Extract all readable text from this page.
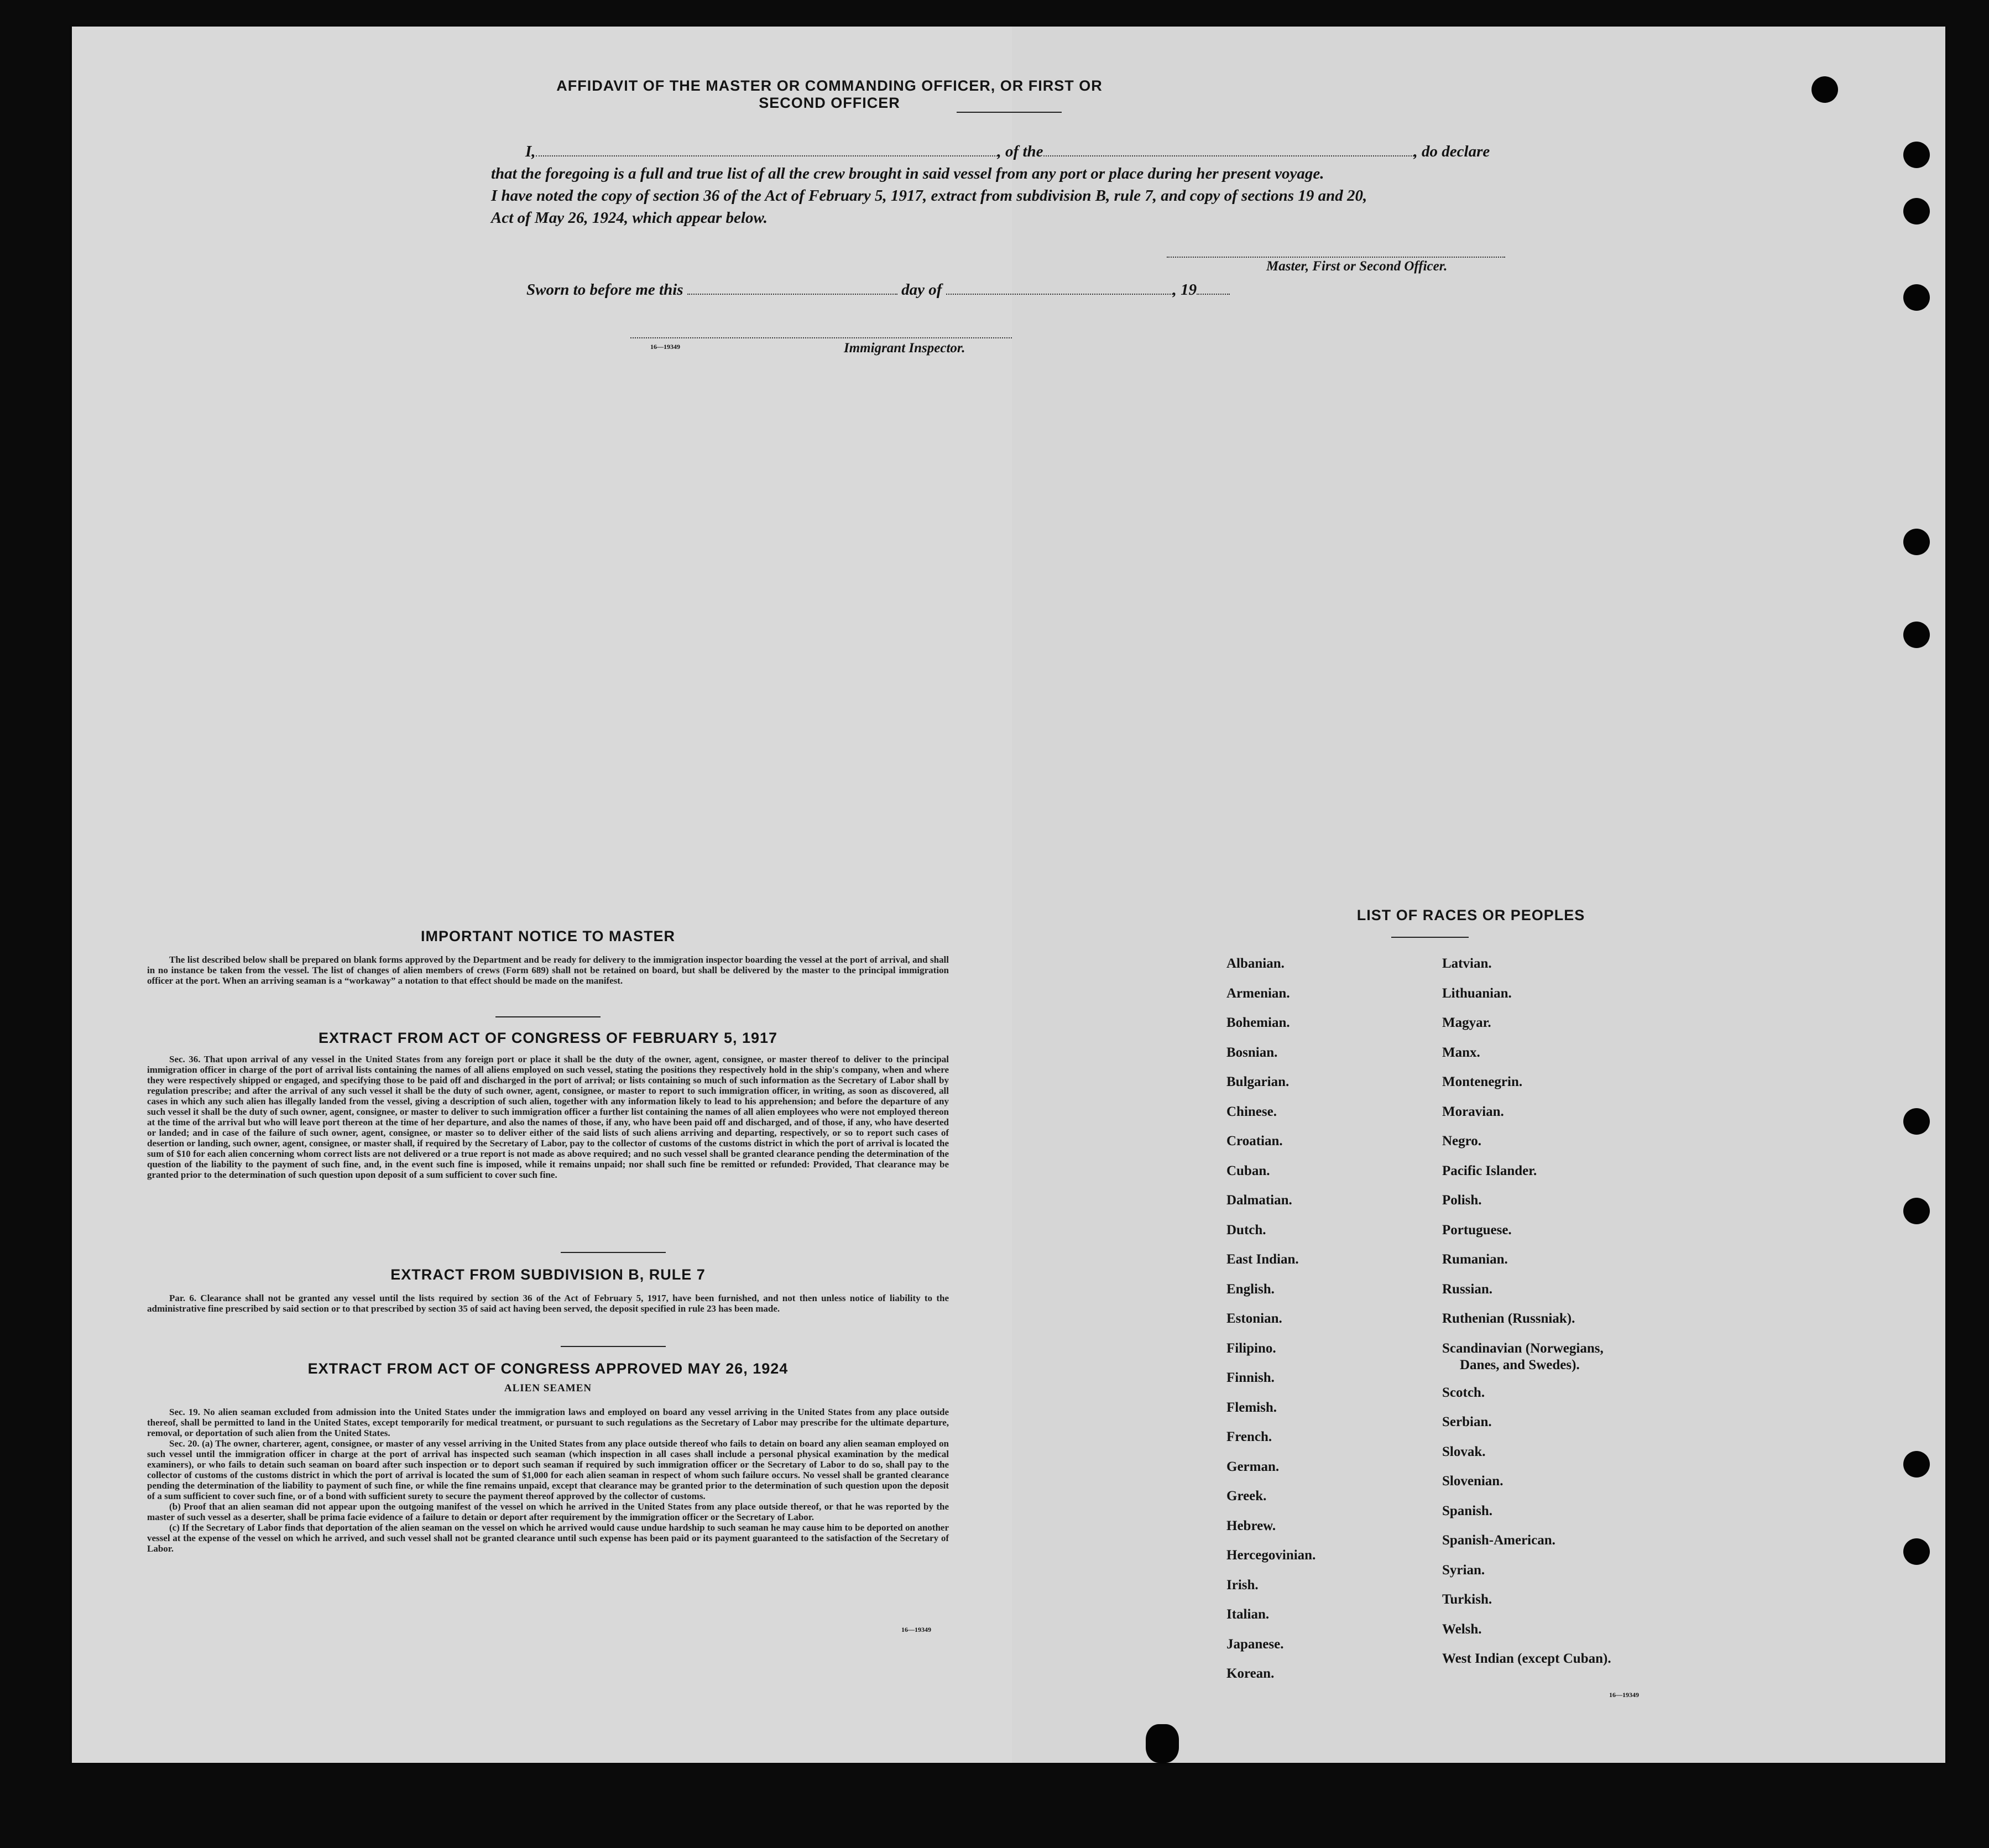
AFFIDAVIT OF THE MASTER OR COMMANDING OFFICER, OR FIRST OR SECOND OFFICER
I,	, of the	, do declare
that the foregoing is a full and true list of all the crew brought in said vessel from any port or place during her present voyage.
I have noted the copy of section 36 of the Act of February 5, 1917, extract from subdivision B, rule 7, and copy of sections 19 and 20,
Act of May 26, 1924, which appear below.
Master, First or Second Officer.
Sworn to before me this	day of	, 19
16—19349	Immigrant Inspector.
IMPORTANT NOTICE TO MASTER

The list described below shall be prepared on blank forms approved by the Department and be ready for delivery to the immigration inspector boarding the vessel at the port of arrival, and shall in no instance be taken from the vessel. The list of changes of alien members of crews (Form 689) shall not be retained on board, but shall be delivered by the master to the principal immigration officer at the port. When an arriving seaman is a “workaway” a notation to that effect should be made on the manifest.

EXTRACT FROM ACT OF CONGRESS OF FEBRUARY 5, 1917

Sec. 36. That upon arrival of any vessel in the United States from any foreign port or place it shall be the duty of the owner, agent, consignee, or master thereof to deliver to the principal immigration officer in charge of the port of arrival lists containing the names of all aliens employed on such vessel, stating the positions they respectively hold in the ship's company, when and where they were respectively shipped or engaged, and specifying those to be paid off and discharged in the port of arrival; or lists containing so much of such information as the Secretary of Labor shall by regulation prescribe; and after the arrival of any such vessel it shall be the duty of such owner, agent, consignee, or master to report to such immigration officer, in writing, as soon as discovered, all cases in which any such alien has illegally landed from the vessel, giving a description of such alien, together with any information likely to lead to his apprehension; and before the departure of any such vessel it shall be the duty of such owner, agent, consignee, or master to deliver to such immigration officer a further list containing the names of all alien employees who were not employed thereon at the time of the arrival but who will leave port thereon at the time of her departure, and also the names of those, if any, who have been paid off and discharged, and of those, if any, who have deserted or landed; and in case of the failure of such owner, agent, consignee, or master so to deliver either of the said lists of such aliens arriving and departing, respectively, or so to report such cases of desertion or landing, such owner, agent, consignee, or master shall, if required by the Secretary of Labor, pay to the collector of customs of the customs district in which the port of arrival is located the sum of $10 for each alien concerning whom correct lists are not delivered or a true report is not made as above required; and no such vessel shall be granted clearance pending the determination of the question of the liability to the payment of such fine, and, in the event such fine is imposed, while it remains unpaid; nor shall such fine be remitted or refunded: Provided, That clearance may be granted prior to the determination of such question upon deposit of a sum sufficient to cover such fine.

EXTRACT FROM SUBDIVISION B, RULE 7

Par. 6. Clearance shall not be granted any vessel until the lists required by section 36 of the Act of February 5, 1917, have been furnished, and not then unless notice of liability to the administrative fine prescribed by said section or to that prescribed by section 35 of said act having been served, the deposit specified in rule 23 has been made.

EXTRACT FROM ACT OF CONGRESS APPROVED MAY 26, 1924
ALIEN SEAMEN

Sec. 19. No alien seaman excluded from admission into the United States under the immigration laws and employed on board any vessel arriving in the United States from any place outside thereof, shall be permitted to land in the United States, except temporarily for medical treatment, or pursuant to such regulations as the Secretary of Labor may prescribe for the ultimate departure, removal, or deportation of such alien from the United States.

Sec. 20. (a) The owner, charterer, agent, consignee, or master of any vessel arriving in the United States from any place outside thereof who fails to detain on board any alien seaman employed on such vessel until the immigration officer in charge at the port of arrival has inspected such seaman (which inspection in all cases shall include a personal physical examination by the medical examiners), or who fails to detain such seaman on board after such inspection or to deport such seaman if required by such immigration officer or the Secretary of Labor to do so, shall pay to the collector of customs of the customs district in which the port of arrival is located the sum of $1,000 for each alien seaman in respect of whom such failure occurs. No vessel shall be granted clearance pending the determination of the liability to payment of such fine, or while the fine remains unpaid, except that clearance may be granted prior to the determination of such question upon the deposit of a sum sufficient to cover such fine, or of a bond with sufficient surety to secure the payment thereof approved by the collector of customs.

(b) Proof that an alien seaman did not appear upon the outgoing manifest of the vessel on which he arrived in the United States from any place outside thereof, or that he was reported by the master of such vessel as a deserter, shall be prima facie evidence of a failure to detain or deport after requirement by the immigration officer or the Secretary of Labor.

(c) If the Secretary of Labor finds that deportation of the alien seaman on the vessel on which he arrived would cause undue hardship to such seaman he may cause him to be deported on another vessel at the expense of the vessel on which he arrived, and such vessel shall not be granted clearance until such expense has been paid or its payment guaranteed to the satisfaction of the Secretary of Labor.

16—19349
LIST OF RACES OR PEOPLES
Albanian.
Armenian.
Bohemian.
Bosnian.
Bulgarian.
Chinese.
Croatian.
Cuban.
Dalmatian.
Dutch.
East Indian.
English.
Estonian.
Filipino.
Finnish.
Flemish.
French.
German.
Greek.
Hebrew.
Hercegovinian.
Irish.
Italian.
Japanese.
Korean.
Latvian.
Lithuanian.
Magyar.
Manx.
Montenegrin.
Moravian.
Negro.
Pacific Islander.
Polish.
Portuguese.
Rumanian.
Russian.
Ruthenian (Russniak).
Scandinavian (Norwegians,
Danes, and Swedes).
Scotch.
Serbian.
Slovak.
Slovenian.
Spanish.
Spanish-American.
Syrian.
Turkish.
Welsh.
West Indian (except Cuban).
16—19349
